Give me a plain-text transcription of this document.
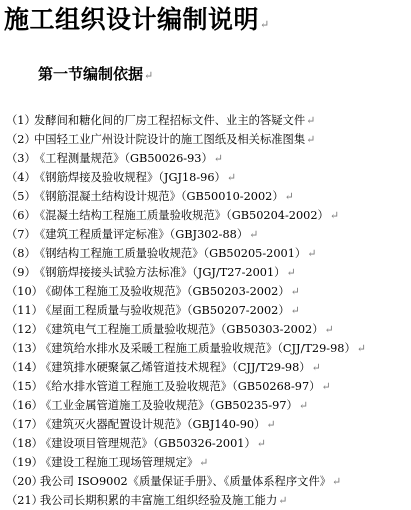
施工组织设计编制说明↵
第一节编制依据↵
（1）发酵间和糖化间的厂房工程招标文件、业主的答疑文件↵
（2）中国轻工业广州设计院设计的施工图纸及相关标准图集↵
（3）《工程测量规范》（GB50026-93）↵
（4）《钢筋焊接及验收规程》（JGJ18-96）↵
（5）《钢筋混凝土结构设计规范》（GB50010-2002）↵
（6）《混凝土结构工程施工质量验收规范》（GB50204-2002）↵
（7）《建筑工程质量评定标准》（GBJ302-88）↵
（8）《钢结构工程施工质量验收规范》（GB50205-2001）↵
（9）《钢筋焊接接头试验方法标准》（JGJ/T27-2001）↵
（10）《砌体工程施工及验收规范》（GB50203-2002）↵
（11）《屋面工程质量与验收规范》（GB50207-2002）↵
（12）《建筑电气工程施工质量验收规范》（GB50303-2002）↵
（13）《建筑给水排水及采暖工程施工质量验收规范》（CJJ/T29-98）↵
（14）《建筑排水硬聚氯乙烯管道技术规程》（CJJ/T29-98）↵
（15）《给水排水管道工程施工及验收规范》（GB50268-97）↵
（16）《工业金属管道施工及验收规范》（GB50235-97）↵
（17）《建筑灭火器配置设计规范》（GBJ140-90）↵
（18）《建设项目管理规范》（GB50326-2001）↵
（19）《建设工程施工现场管理规定》↵
（20）我公司 ISO9002《质量保证手册》、《质量体系程序文件》↵
（21）我公司长期积累的丰富施工组织经验及施工能力↵
